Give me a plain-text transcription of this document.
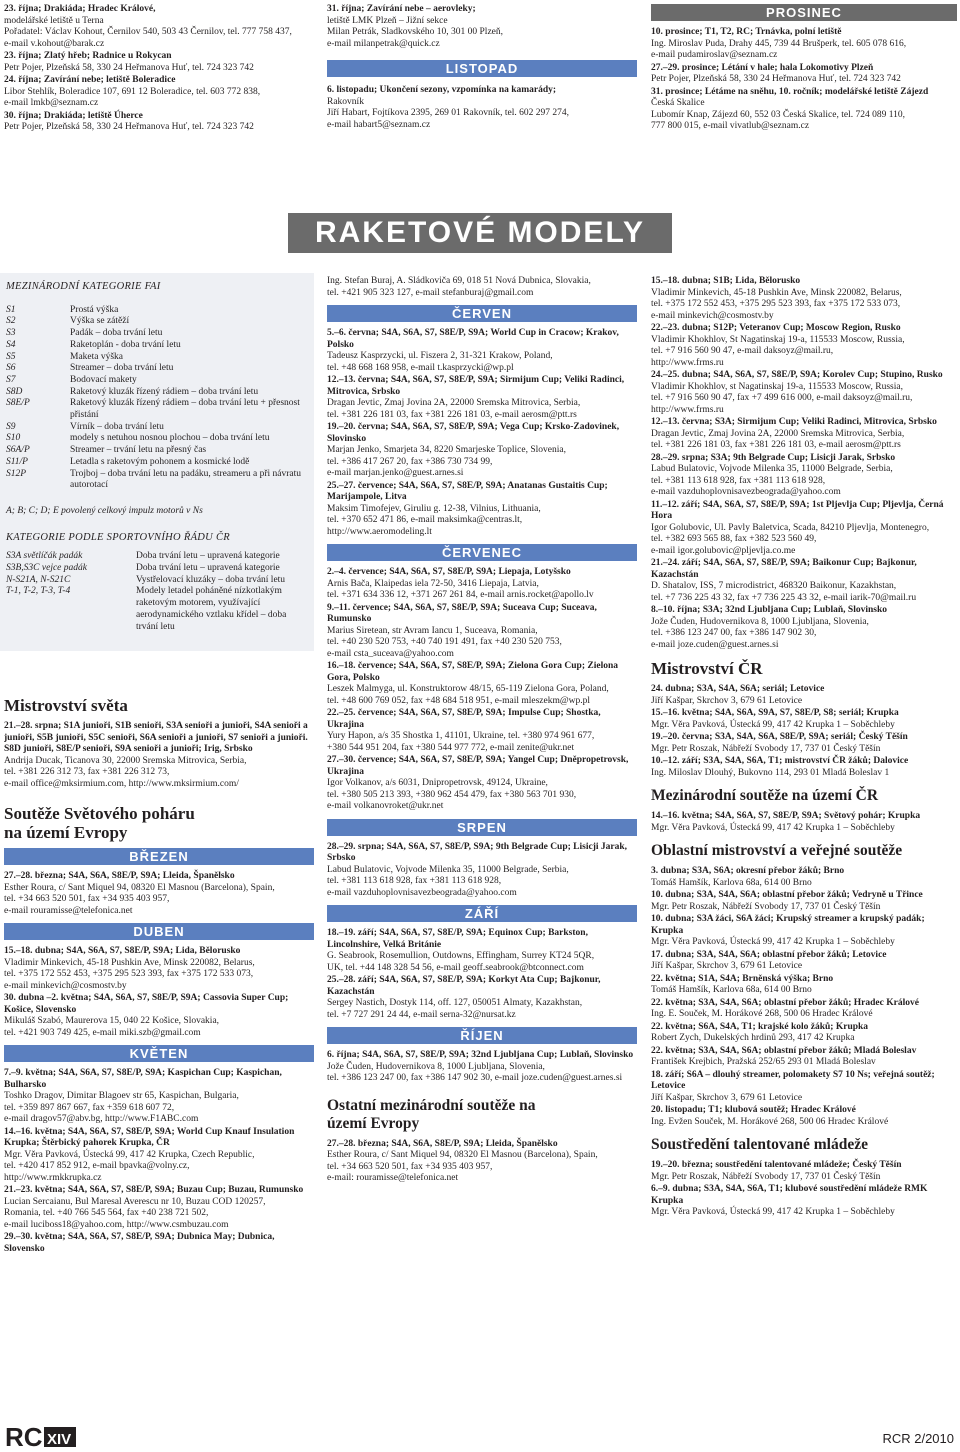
23. října; Drakiáda; Hradec Králové,
modelářské letiště u Terna
Pořadatel: Václav Kohout, Černilov 540, 503 43 Černilov, tel. 777 758 437,
e-mail v.kohout@barak.cz
23. října; Zlatý hřeb; Radnice u Rokycan
Petr Pojer, Plzeňská 58, 330 24 Heřmanova Huť, tel. 724 323 742
24. října; Zavírání nebe; letiště Boleradice
Libor Stehlík, Boleradice 107, 691 12 Boleradice, tel. 603 772 838,
e-mail lmkb@seznam.cz
30. října; Drakiáda; letiště Úherce
Petr Pojer, Plzeňská 58, 330 24 Heřmanova Huť, tel. 724 323 742
31. října; Zavírání nebe – aerovleky;
letiště LMK Plzeň – Jižní sekce
Milan Petrák, Sladkovského 10, 301 00 Plzeň,
e-mail milanpetrak@quick.cz
LISTOPAD
6. listopadu; Ukončení sezony, vzpomínka na kamarády;
Rakovník
Jiří Habart, Fojtíkova 2395, 269 01 Rakovník, tel. 602 297 274,
e-mail habart5@seznam.cz
PROSINEC
10. prosince; T1, T2, RC; Trnávka, polní letiště
Ing. Miroslav Puda, Drahy 445, 739 44 Brušperk, tel. 605 078 616,
e-mail pudamiroslav@seznam.cz
27.–29. prosince; Létání v hale; hala Lokomotivy Plzeň
Petr Pojer, Plzeňská 58, 330 24 Heřmanova Huť, tel. 724 323 742
31. prosince; Létáme na sněhu, 10. ročník; modelářské letiště Zájezd
Česká Skalice
Lubomír Knap, Zájezd 60, 552 03 Česká Skalice, tel. 724 089 110,
777 800 015, e-mail vivatlub@seznam.cz
RAKETOVÉ MODELY
MEZINÁRODNÍ KATEGORIE FAI
S1	Prostá výška
S2	Výška se zátěží
S3	Padák – doba trvání letu
S4	Raketoplán - doba trvání letu
S5	Maketa výška
S6	Streamer – doba trvání letu
S7	Bodovací makety
S8D	Raketový kluzák řízený rádiem – doba trvání letu
S8E/P	Raketový kluzák řízený rádiem – doba trvání letu + přesnost přistání
S9	Vírník – doba trvání letu
S10	modely s netuhou nosnou plochou – doba trvání letu
S6A/P	Streamer – trvání letu na přesný čas
S11/P	Letadla s raketovým pohonem a kosmické lodě
S12P	Trojboj – doba trvání letu na padáku, streameru a při návratu autorotací
A; B; C; D; E povolený celkový impulz motorů v Ns
KATEGORIE PODLE SPORTOVNÍHO ŘÁDU ČR
S3A světlíčák padák	Doba trvání letu – upravená kategorie
S3B,S3C vejce padák	Doba trvání letu – upravená kategorie
N-S21A, N-S21C	Vystřelovací kluzáky – doba trvání letu
T-1, T-2, T-3, T-4	Modely letadel poháněné nízkotlakým raketovým motorem, využívající aerodynamického vztlaku křídel – doba trvání letu
Mistrovství světa
21.–28. srpna; S1A junioři, S1B senioři, S3A senioři a junioři, S4A senioři a junioři, S5B junioři, S5C senioři, S6A senioři a junioři, S7 senioři a junioři. S8D junioři, S8E/P senioři, S9A senioři a junioři; Irig, Srbsko
Andrija Ducak, Ticanova 30, 22000 Sremska Mitrovica, Serbia,
tel. +381 226 312 73, fax +381 226 312 73,
e-mail office@mksirmium.com, http://www.mksirmium.com/
Soutěže Světového poháru na území Evropy
BŘEZEN
27.–28. března; S4A, S6A, S8E/P, S9A; Lleida, Španělsko
Esther Roura, c/ Sant Miquel 94, 08320 El Masnou (Barcelona), Spain,
tel. +34 663 520 501, fax +34 935 403 957,
e-mail rouramisse@telefonica.net
DUBEN
15.–18. dubna; S4A, S6A, S7, S8E/P, S9A; Lida, Bělorusko
Vladimir Minkevich, 45-18 Pushkin Ave, Minsk 220082, Belarus,
tel. +375 172 552 453, +375 295 523 393, fax +375 172 533 073,
e-mail minkevich@cosmostv.by
30. dubna –2. května; S4A, S6A, S7, S8E/P, S9A; Cassovia Super Cup; Košice, Slovensko
Mikuláš Szabó, Maurerova 15, 040 22 Košice, Slovakia,
tel. +421 903 749 425, e-mail miki.szb@gmail.com
KVĚTEN
7.–9. května; S4A, S6A, S7, S8E/P, S9A; Kaspichan Cup; Kaspichan, Bulharsko
Toshko Dragov, Dimitar Blagoev str 65, Kaspichan, Bulgaria,
tel. +359 897 867 667, fax +359 618 607 72,
e-mail dragov57@abv.bg, http://www.F1ABC.com
14.–16. května; S4A, S6A, S7, S8E/P, S9A; World Cup Knauf Insulation Krupka; Štěrbický pahorek Krupka, ČR
Mgr. Věra Pavková, Ústecká 99, 417 42 Krupka, Czech Republic,
tel. +420 417 852 912, e-mail bpavka@volny.cz,
http://www.rmkkrupka.cz
21.–23. května; S4A, S6A, S7, S8E/P, S9A; Buzau Cup; Buzau, Rumunsko
Lucian Sercaianu, Bul Maresal Averescu nr 10, Buzau COD 120257,
Romania, tel. +40 766 545 564, fax +40 238 721 502,
e-mail luciboss18@yahoo.com, http://www.csmbuzau.com
29.–30. května; S4A, S6A, S7, S8E/P, S9A; Dubnica May; Dubnica, Slovensko
Ing. Štefan Buraj, A. Sládkoviča 69, 018 51 Nová Dubnica, Slovakia,
tel. +421 905 323 127, e-mail stefanburaj@gmail.com
ČERVEN
5.–6. června; S4A, S6A, S7, S8E/P, S9A; World Cup in Cracow; Krakov, Polsko
Tadeusz Kasprzycki, ul. Fiszera 2, 31-321 Krakow, Poland,
tel. +48 668 168 958, e-mail t.kasprzycki@wp.pl
12.–13. června; S4A, S6A, S7, S8E/P, S9A; Sirmijum Cup; Veliki Radinci, Mitrovica, Srbsko
Dragan Jevtic, Zmaj Jovina 2A, 22000 Sremska Mitrovica, Serbia,
tel. +381 226 181 03, fax +381 226 181 03, e-mail aerosm@ptt.rs
19.–20. června; S4A, S6A, S7, S8E/P, S9A; Vega Cup; Krsko-Zadovinek, Slovinsko
Marjan Jenko, Smarjeta 34, 8220 Smarjeske Toplice, Slovenia,
tel. +386 417 267 20, fax +386 730 734 99,
e-mail marjan.jenko@guest.arnes.si
25.–27. července; S4A, S6A, S7, S8E/P, S9A; Anatanas Gustaitis Cup; Marijampole, Litva
Maksim Timofejev, Giruliu g. 12-38, Vilnius, Lithuania,
tel. +370 652 471 86, e-mail maksimka@centras.lt,
http://www.aeromodeling.lt
ČERVENEC
2.–4. července; S4A, S6A, S7, S8E/P, S9A; Liepaja, Lotyšsko
Arnis Bača, Klaipedas iela 72-50, 3416 Liepaja, Latvia,
tel. +371 634 336 12, +371 267 261 84, e-mail arnis.rocket@apollo.lv
9.–11. července; S4A, S6A, S7, S8E/P, S9A; Suceava Cup; Suceava, Rumunsko
Marius Siretean, str Avram Iancu 1, Suceava, Romania,
tel. +40 230 520 753, +40 740 191 491, fax +40 230 520 753,
e-mail csta_suceava@yahoo.com
16.–18. července; S4A, S6A, S7, S8E/P, S9A; Zielona Gora Cup; Zielona Gora, Polsko
Leszek Malmyga, ul. Konstruktorow 48/15, 65-119 Zielona Gora, Poland,
tel. +48 600 769 052, fax +48 684 518 951, e-mail mleszekm@wp.pl
22.–25. července; S4A, S6A, S7, S8E/P, S9A; Impulse Cup; Shostka, Ukrajina
Yury Hapon, a/s 35 Shostka 1, 41101, Ukraine, tel. +380 974 961 677,
+380 544 951 204, fax +380 544 977 772, e-mail zenite@ukr.net
27.–30. července; S4A, S6A, S7, S8E/P, S9A; Yangel Cup; Dněpropetrovsk, Ukrajina
Igor Volkanov, a/s 6031, Dnipropetrovsk, 49124, Ukraine,
tel. +380 505 213 393, +380 962 454 479, fax +380 563 701 930,
e-mail volkanovroket@ukr.net
SRPEN
28.–29. srpna; S4A, S6A, S7, S8E/P, S9A; 9th Belgrade Cup; Lisicji Jarak, Srbsko
Labud Bulatovic, Vojvode Milenka 35, 11000 Belgrade, Serbia,
tel. +381 113 618 928, fax +381 113 618 928,
e-mail vazduhoplovnisavezbeograda@yahoo.com
ZÁŘÍ
18.–19. září; S4A, S6A, S7, S8E/P, S9A; Equinox Cup; Barkston, Lincolnshire, Velká Británie
G. Seabrook, Rosemullion, Outdowns, Effingham, Surrey KT24 5QR,
UK, tel. +44 148 328 54 56, e-mail geoff.seabrook@btconnect.com
25.–28. září; S4A, S6A, S7, S8E/P, S9A; Korkyt Ata Cup; Bajkonur, Kazachstán
Sergey Nastich, Dostyk 114, off. 127, 050051 Almaty, Kazakhstan,
tel. +7 727 291 24 44, e-mail serna-32@nursat.kz
ŘÍJEN
6. října; S4A, S6A, S7, S8E/P, S9A; 32nd Ljubljana Cup; Lublaň, Slovinsko
Jože Čuden, Hudovernikova 8, 1000 Ljubljana, Slovenia,
tel. +386 123 247 00, fax +386 147 902 30, e-mail joze.cuden@guest.arnes.si
Ostatní mezinárodní soutěže na území Evropy
27.–28. března; S4A, S6A, S8E/P, S9A; Lleida, Španělsko
Esther Roura, c/ Sant Miquel 94, 08320 El Masnou (Barcelona), Spain,
tel. +34 663 520 501, fax +34 935 403 957,
e-mail: rouramisse@telefonica.net
15.–18. dubna; S1B; Lida, Bělorusko
Vladimir Minkevich, 45-18 Pushkin Ave, Minsk 220082, Belarus,
tel. +375 172 552 453, +375 295 523 393, fax +375 172 533 073,
e-mail minkevich@cosmostv.by
22.–23. dubna; S12P; Veteranov Cup; Moscow Region, Rusko
Vladimir Khokhlov, St Nagatinskaj 19-a, 115533 Moscow, Russia,
tel. +7 916 560 90 47, e-mail daksoyz@mail.ru,
http://www.frms.ru
24.–25. dubna; S4A, S6A, S7, S8E/P, S9A; Korolev Cup; Stupino, Rusko
Vladimir Khokhlov, st Nagatinskaj 19-a, 115533 Moscow, Russia,
tel. +7 916 560 90 47, fax +7 499 616 000, e-mail daksoyz@mail.ru,
http://www.frms.ru
12.–13. června; S3A; Sirmijum Cup; Veliki Radinci, Mitrovica, Srbsko
Dragan Jevtic, Zmaj Jovina 2A, 22000 Sremska Mitrovica, Serbia,
tel. +381 226 181 03, fax +381 226 181 03, e-mail aerosm@ptt.rs
28.–29. srpna; S3A; 9th Belgrade Cup; Lisicji Jarak, Srbsko
Labud Bulatovic, Vojvode Milenka 35, 11000 Belgrade, Serbia,
tel. +381 113 618 928, fax +381 113 618 928,
e-mail vazduhoplovnisavezbeograda@yahoo.com
11.–12. září; S4A, S6A, S7, S8E/P, S9A; 1st Pljevlja Cup; Pljevlja, Černá Hora
Igor Golubovic, Ul. Pavly Baletvica, Scada, 84210 Pljevlja, Montenegro,
tel. +382 693 565 88, fax +382 523 560 49,
e-mail igor.golubovic@pljevlja.co.me
21.–24. září; S4A, S6A, S7, S8E/P, S9A; Baikonur Cup; Bajkonur, Kazachstán
D. Shatalov, ISS, 7 microdistrict, 468320 Baikonur, Kazakhstan,
tel. +7 736 225 43 32, fax +7 736 225 43 32, e-mail iarik-70@mail.ru
8.–10. října; S3A; 32nd Ljubljana Cup; Lublaň, Slovinsko
Jože Čuden, Hudovernikova 8, 1000 Ljubljana, Slovenia,
tel. +386 123 247 00, fax +386 147 902 30,
e-mail joze.cuden@guest.arnes.si
Mistrovství ČR
24. dubna; S3A, S4A, S6A; seriál; Letovice
Jiří Kašpar, Skrchov 3, 679 61 Letovice
15.–16. května; S4A, S6A, S9A, S7, S8E/P, S8; seriál; Krupka
Mgr. Věra Pavková, Ústecká 99, 417 42 Krupka 1 – Soběchleby
19.–20. června; S3A, S4A, S6A, S8E/P, S9A; seriál; Český Těšín
Mgr. Petr Roszak, Nábřeží Svobody 17, 737 01 Český Těšín
10.–12. září; S3A, S4A, S6A, T1; mistrovství ČR žáků; Dalovice
Ing. Miloslav Dlouhý, Bukovno 114, 293 01 Mladá Boleslav 1
Mezinárodní soutěže na území ČR
14.–16. května; S4A, S6A, S7, S8E/P, S9A; Světový pohár; Krupka
Mgr. Věra Pavková, Ústecká 99, 417 42 Krupka 1 – Soběchleby
Oblastní mistrovství a veřejné soutěže
3. dubna; S3A, S6A; okresní přebor žáků; Brno
Tomáš Hamšík, Karlova 68a, 614 00 Brno
10. dubna; S3A, S4A, S6A; oblastní přebor žáků; Vedryně u Třince
Mgr. Petr Roszak, Nábřeží Svobody 17, 737 01 Český Těšín
10. dubna; S3A žáci, S6A žáci; Krupský streamer a krupský padák; Krupka
Mgr. Věra Pavková, Ústecká 99, 417 42 Krupka 1 – Soběchleby
17. dubna; S3A, S4A, S6A; oblastní přebor žáků; Letovice
Jiří Kašpar, Skrchov 3, 679 61 Letovice
22. května; S1A, S4A; Brněnská výška; Brno
Tomáš Hamšík, Karlova 68a, 614 00 Brno
22. května; S3A, S4A, S6A; oblastní přebor žáků; Hradec Králové
Ing. E. Souček, M. Horákové 268, 500 06 Hradec Králové
22. května; S6A, S4A, T1; krajské kolo žáků; Krupka
Robert Zych, Dukelských hrdinů 293, 417 42 Krupka
22. května; S3A, S4A, S6A; oblastní přebor žáků; Mladá Boleslav
František Krejbich, Pražská 252/65 293 01 Mladá Boleslav
18. září; S6A – dlouhý streamer, polomakety S7 10 Ns; veřejná soutěž; Letovice
Jiří Kašpar, Skrchov 3, 679 61 Letovice
20. listopadu; T1; klubová soutěž; Hradec Králové
Ing. Evžen Souček, M. Horákové 268, 500 06 Hradec Králové
Soustředění talentované mládeže
19.–20. března; soustředění talentované mládeže; Český Těšín
Mgr. Petr Roszak, Nábřeží Svobody 17, 737 01 Český Těšín
6.–9. dubna; S3A, S4A, S6A, T1; klubové soustředění mládeže RMK Krupka
Mgr. Věra Pavková, Ústecká 99, 417 42 Krupka 1 – Soběchleby
RC XIV	RCR 2/2010
